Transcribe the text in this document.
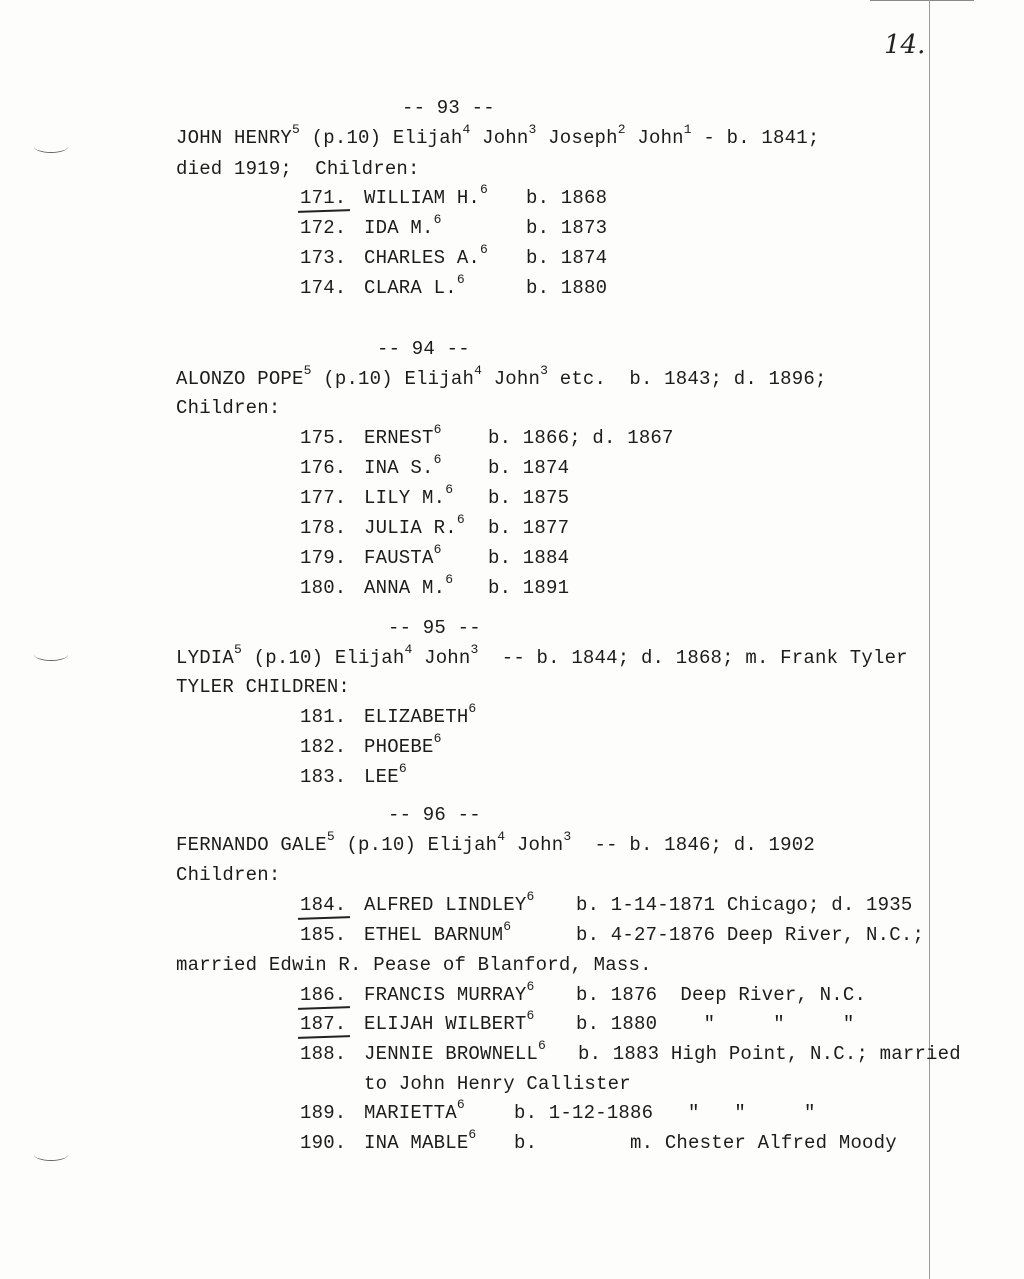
14.
-- 93 --
JOHN HENRY$^5$ (p.10) Elijah$^4$ John$^3$ Joseph$^2$ John$^1$ - b. 1841;
died 1919;  Children:
171. WILLIAM H.$^6$ b. 1868
172. IDA M.$^6$	b. 1873
173. CHARLES A.$^6$ b. 1874
174. CLARA L.$^6$	b. 1880
-- 94 --
ALONZO POPE$^5$ (p.10) Elijah$^4$ John$^3$ etc.  b. 1843; d. 1896;
Children:
175. ERNEST$^6$ b. 1866; d. 1867
176. INA S.$^6$ b. 1874
177. LILY M.$^6$ b. 1875
178. JULIA R.$^6$ b. 1877
179. FAUSTA$^6$ b. 1884
180. ANNA M.$^6$ b. 1891
-- 95 --
LYDIA$^5$ (p.10) Elijah$^4$ John$^3$  -- b. 1844; d. 1868; m. Frank Tyler
TYLER CHILDREN:
181. ELIZABETH$^6$
182. PHOEBE$^6$
183. LEE$^6$
-- 96 --
FERNANDO GALE$^5$ (p.10) Elijah$^4$ John$^3$  -- b. 1846; d. 1902
Children:
184. ALFRED LINDLEY$^6$ b. 1-14-1871 Chicago; d. 1935
185. ETHEL BARNUM$^6$	b. 4-27-1876 Deep River, N.C.;
married Edwin R. Pease of Blanford, Mass.
186. FRANCIS MURRAY$^6$ b. 1876  Deep River, N.C.
187. ELIJAH WILBERT$^6$ b. 1880    "     "     "
188. JENNIE BROWNELL$^6$ b. 1883 High Point, N.C.; married
to John Henry Callister
189. MARIETTA$^6$	b. 1-12-1886   "   "     "
190. INA MABLE$^6$ b.        m. Chester Alfred Moody
